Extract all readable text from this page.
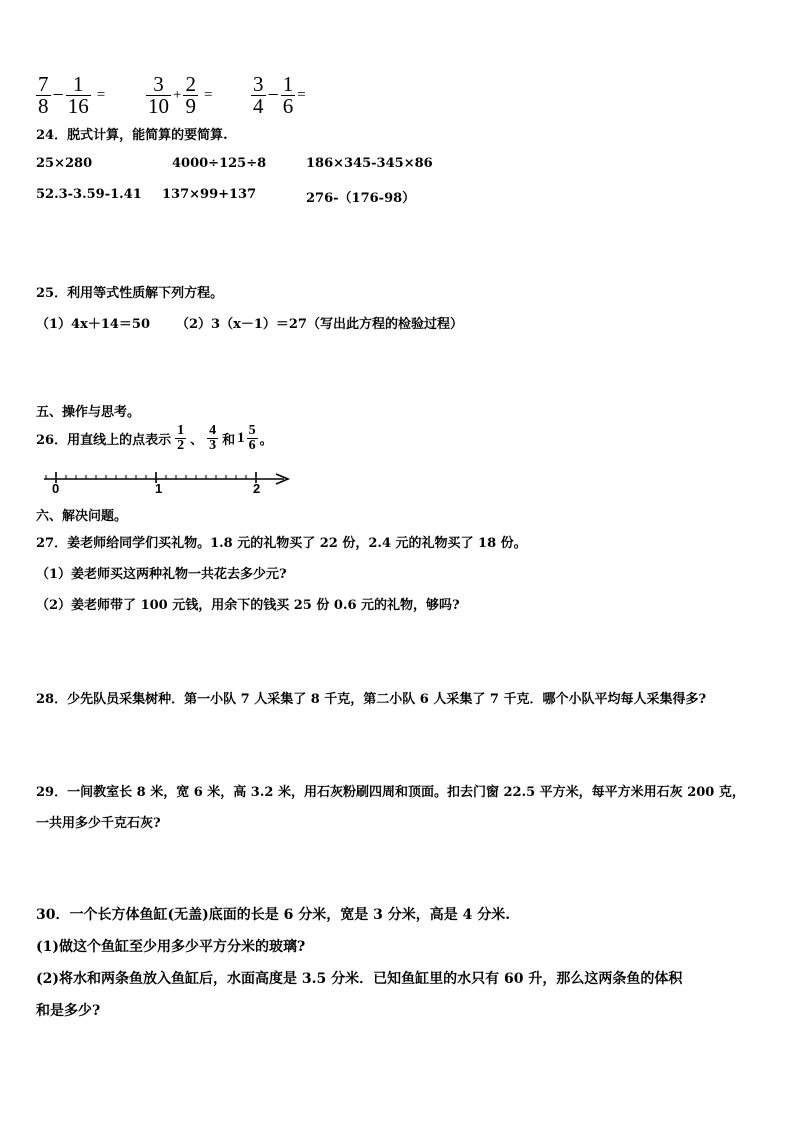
$\frac{7}{8} - \frac{1}{16} = \frac{3}{10} + \frac{2}{9} = \frac{3}{4} - \frac{1}{6}$ =
24．脱式计算，能简算的要简算.
25×280	4000÷125÷8	186×345-345×86
52.3-3.59-1.41 137×99+137	276-（176-98）
25．利用等式性质解下列方程。
（1）4x＋14＝50 （2）3（x－1）＝27（写出此方程的检验过程）
五、操作与思考。
26．用直线上的点表示 $\frac{1}{2}$ 、 $\frac{4}{3}$ 和 $1 \frac{5}{6}$ 。
0	1	2
六、解决问题。
27．姜老师给同学们买礼物。1.8 元的礼物买了 22 份，2.4 元的礼物买了 18 份。
（1）姜老师买这两种礼物一共花去多少元?
（2）姜老师带了 100 元钱，用余下的钱买 25 份 0.6 元的礼物，够吗?
28．少先队员采集树种．第一小队 7 人采集了 8 千克，第二小队 6 人采集了 7 千克．哪个小队平均每人采集得多?
29．一间教室长 8 米，宽 6 米，高 3.2 米，用石灰粉刷四周和顶面。扣去门窗 22.5 平方米，每平方米用石灰 200 克，
一共用多少千克石灰?
30．一个长方体鱼缸(无盖)底面的长是 6 分米，宽是 3 分米，高是 4 分米.
(1)做这个鱼缸至少用多少平方分米的玻璃?
(2)将水和两条鱼放入鱼缸后，水面高度是 3.5 分米．已知鱼缸里的水只有 60 升，那么这两条鱼的体积
和是多少?
